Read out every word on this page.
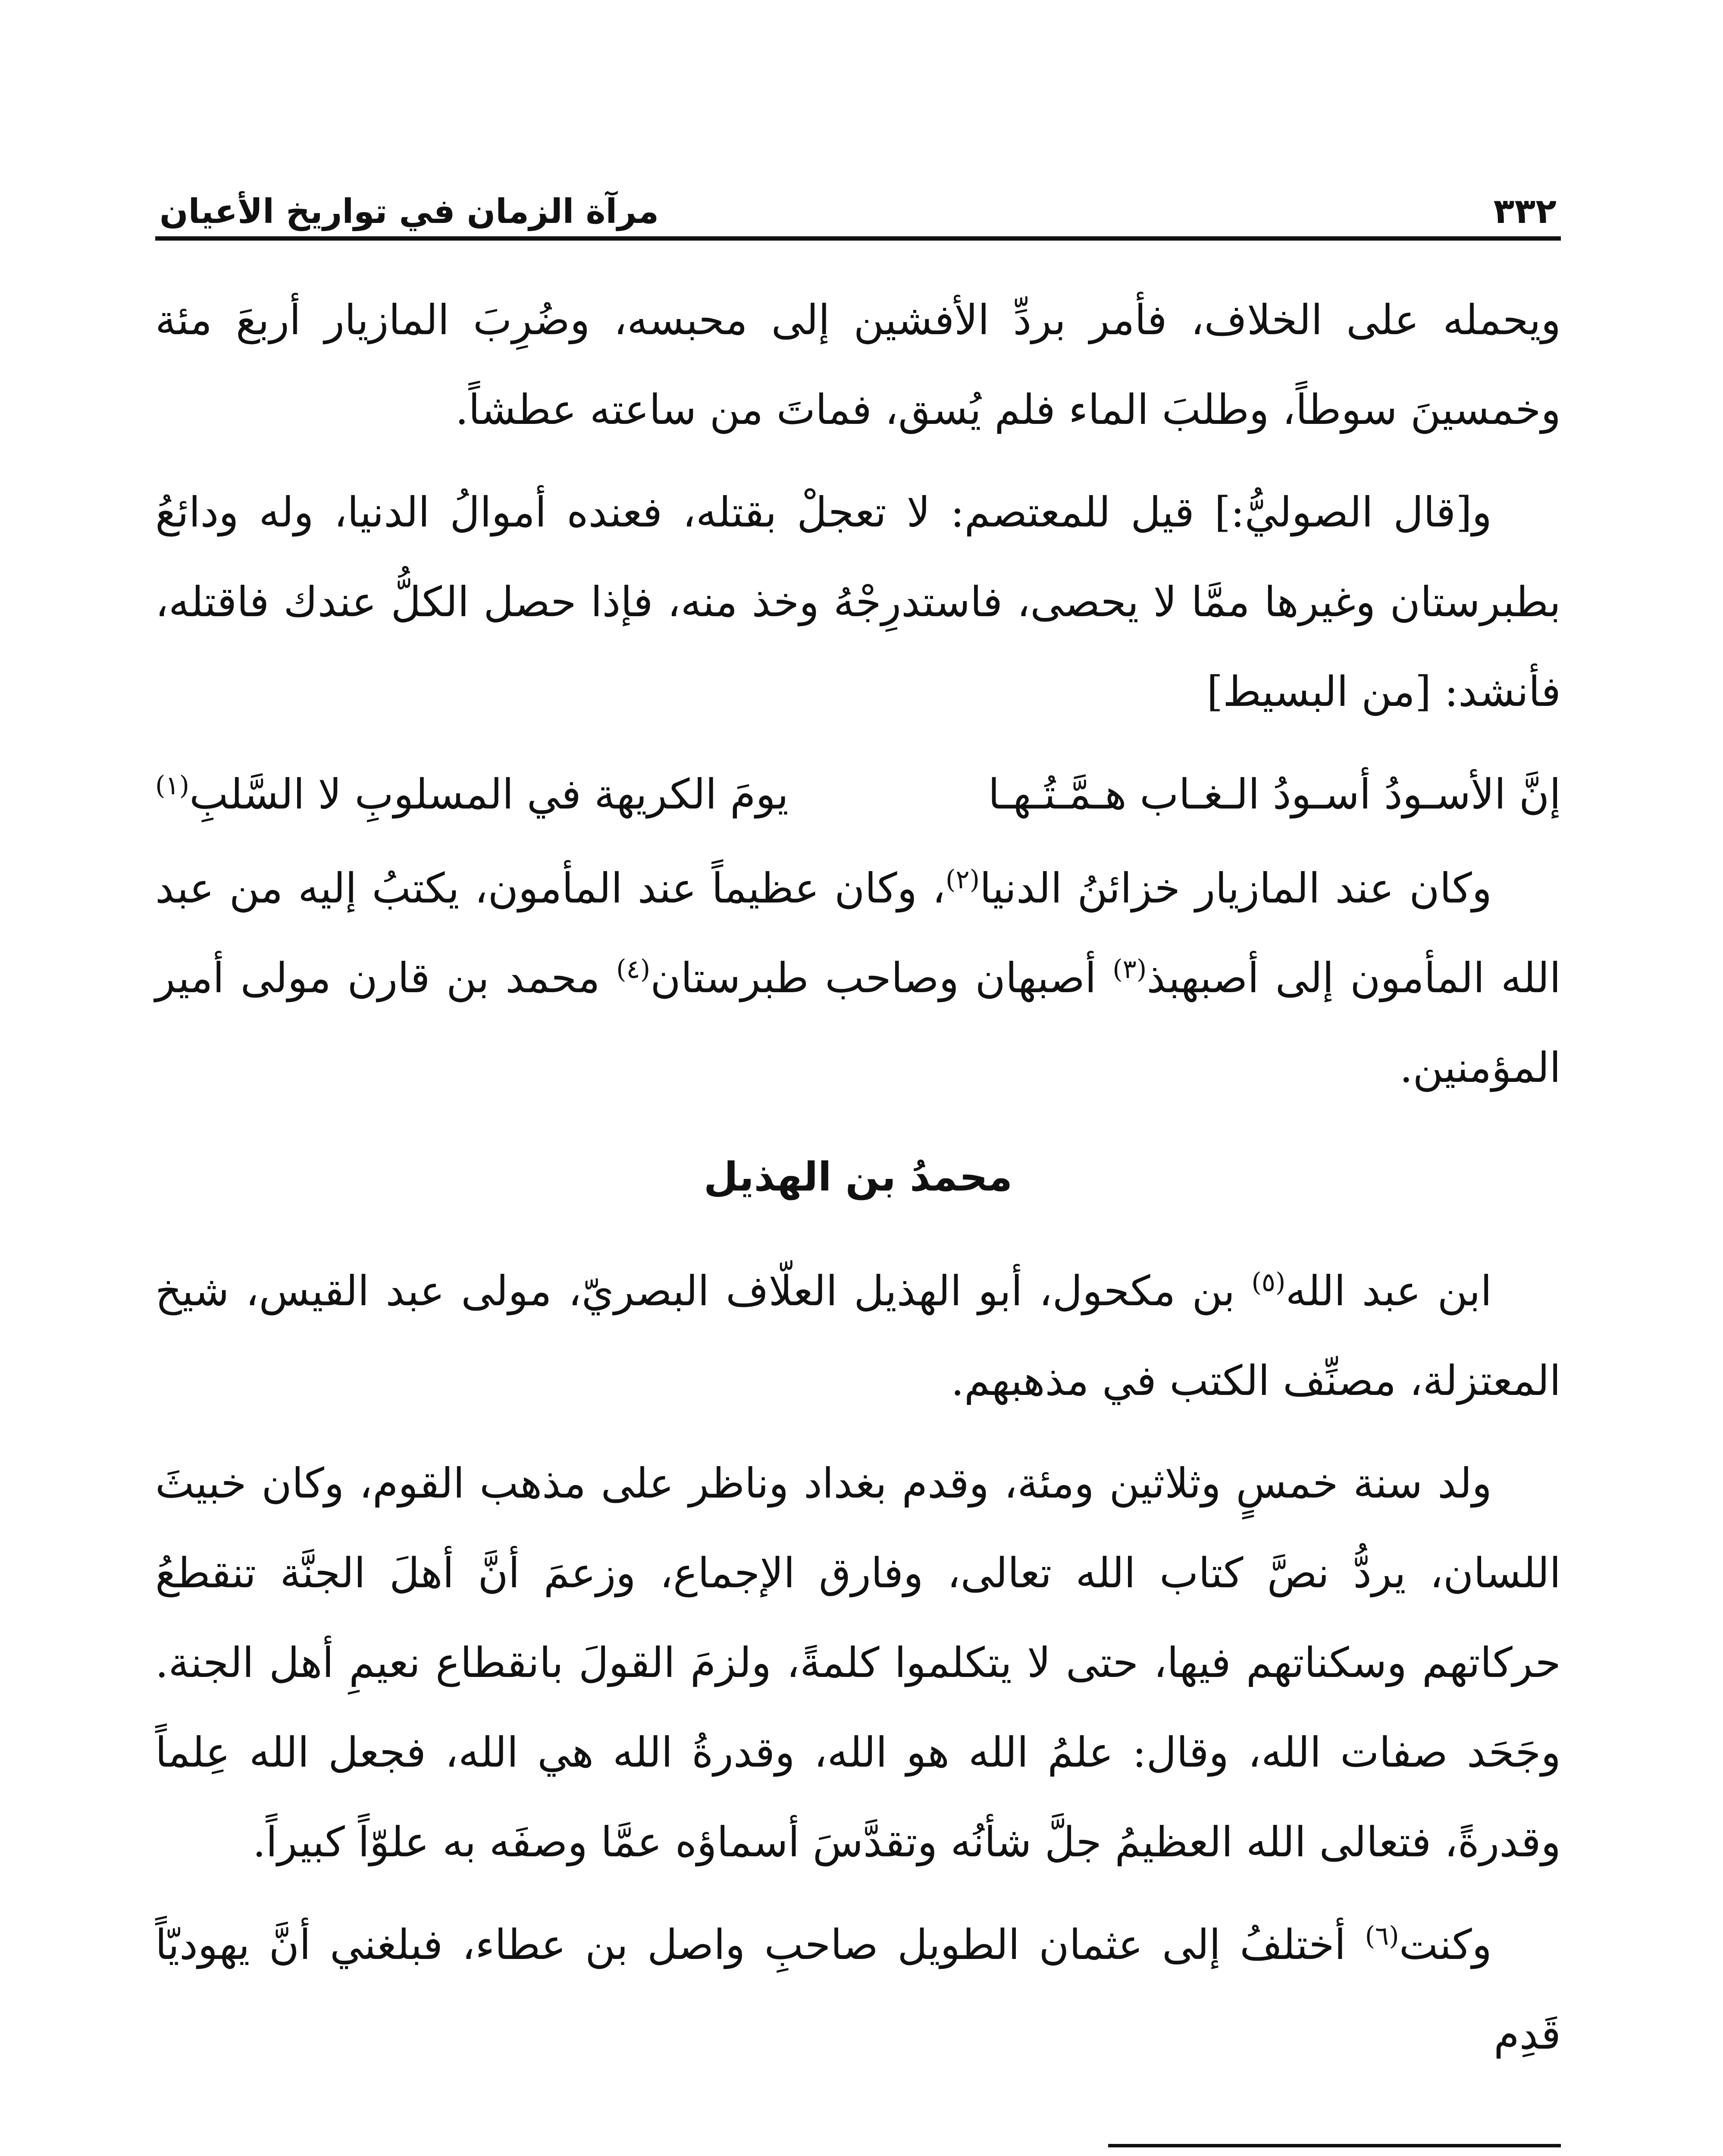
٣٣٢
مرآة الزمان في تواريخ الأعيان

ويحمله على الخلاف، فأمر بردِّ الأفشين إلى محبسه، وضُرِبَ المازيار أربعَ مئة وخمسينَ سوطاً، وطلبَ الماء فلم يُسق، فماتَ من ساعته عطشاً.

و[قال الصوليُّ:] قيل للمعتصم: لا تعجلْ بقتله، فعنده أموالُ الدنيا، وله ودائعُ بطبرستان وغيرها ممَّا لا يحصى، فاستدرِجْهُ وخذ منه، فإذا حصل الكلُّ عندك فاقتله، فأنشد: [من البسيط]

إنَّ الأسـودُ أسـودُ الـغـاب هـمَّـتُـهـا
يومَ الكريهة في المسلوبِ لا السَّلبِ$^{(١)}$

وكان عند المازيار خزائنُ الدنيا$^{(٢)}$، وكان عظيماً عند المأمون، يكتبُ إليه من عبد الله المأمون إلى أصبهبذ$^{(٣)}$ أصبهان وصاحب طبرستان$^{(٤)}$ محمد بن قارن مولى أمير المؤمنين.

محمدُ بن الهذيل

ابن عبد الله$^{(٥)}$ بن مكحول، أبو الهذيل العلّاف البصريّ، مولى عبد القيس، شيخ المعتزلة، مصنِّف الكتب في مذهبهم.

ولد سنة خمسٍ وثلاثين ومئة، وقدم بغداد وناظر على مذهب القوم، وكان خبيثَ اللسان، يردُّ نصَّ كتاب الله تعالى، وفارق الإجماع، وزعمَ أنَّ أهلَ الجنَّة تنقطعُ حركاتهم وسكناتهم فيها، حتى لا يتكلموا كلمةً، ولزمَ القولَ بانقطاع نعيمِ أهل الجنة. وجَحَد صفات الله، وقال: علمُ الله هو الله، وقدرةُ الله هي الله، فجعل الله عِلماً وقدرةً، فتعالى الله العظيمُ جلَّ شأنُه وتقدَّسَ أسماؤه عمَّا وصفَه به علوّاً كبيراً.

وكنت$^{(٦)}$ أختلفُ إلى عثمان الطويل صاحبِ واصل بن عطاء، فبلغني أنَّ يهوديّاً قَدِم
